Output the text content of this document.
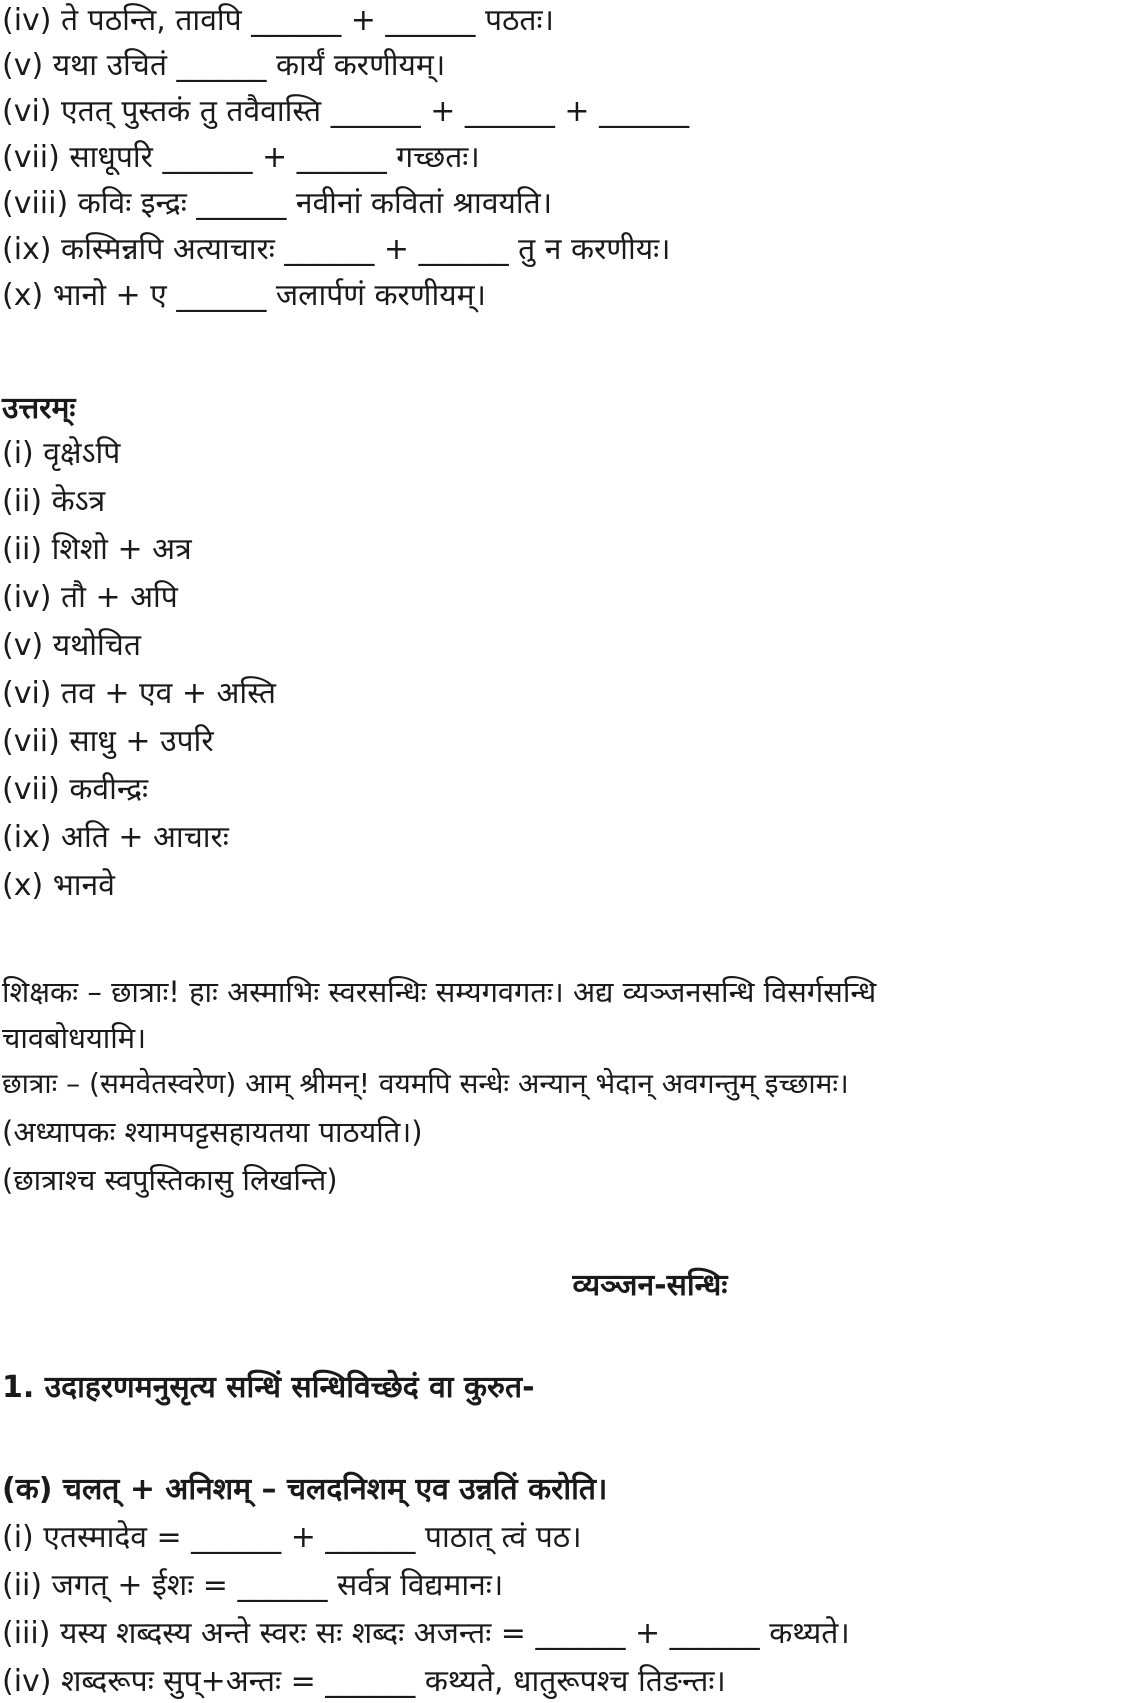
(iv) ते पठन्ति, तावपि ______ + ______ पठतः।

(v) यथा उचितं ______ कार्यं करणीयम्।

(vi) एतत् पुस्तकं तु तवैवास्ति ______ + ______ + ______

(vii) साधूपरि ______ + ______ गच्छतः।

(viii) कविः इन्द्रः ______ नवीनां कवितां श्रावयति।

(ix) कस्मिन्नपि अत्याचारः ______ + ______ तु न करणीयः।

(x) भानो + ए ______ जलार्पणं करणीयम्।

उत्तरम्ः

(i) वृक्षेऽपि

(ii) केऽत्र

(ii) शिशो + अत्र

(iv) तौ + अपि

(v) यथोचित

(vi) तव + एव + अस्ति

(vii) साधु + उपरि

(vii) कवीन्द्रः

(ix) अति + आचारः

(x) भानवे

शिक्षकः – छात्राः! हाः अस्माभिः स्वरसन्धिः सम्यगवगतः। अद्य व्यञ्जनसन्धि विसर्गसन्धि

चावबोधयामि।

छात्राः – (समवेतस्वरेण) आम् श्रीमन्! वयमपि सन्धेः अन्यान् भेदान् अवगन्तुम् इच्छामः।

(अध्यापकः श्यामपट्टसहायतया पाठयति।)

(छात्राश्च स्वपुस्तिकासु लिखन्ति)

व्यञ्जन-सन्धिः

1. उदाहरणमनुसृत्य सन्धिं सन्धिविच्छेदं वा कुरुत-

(क) चलत् + अनिशम् – चलदनिशम् एव उन्नतिं करोति।

(i) एतस्मादेव = ______ + ______ पाठात् त्वं पठ।

(ii) जगत् + ईशः = ______ सर्वत्र विद्यमानः।

(iii) यस्य शब्दस्य अन्ते स्वरः सः शब्दः अजन्तः = ______ + ______ कथ्यते।

(iv) शब्दरूपः सुप्+अन्तः = ______ कथ्यते, धातुरूपश्च तिङन्तः।
